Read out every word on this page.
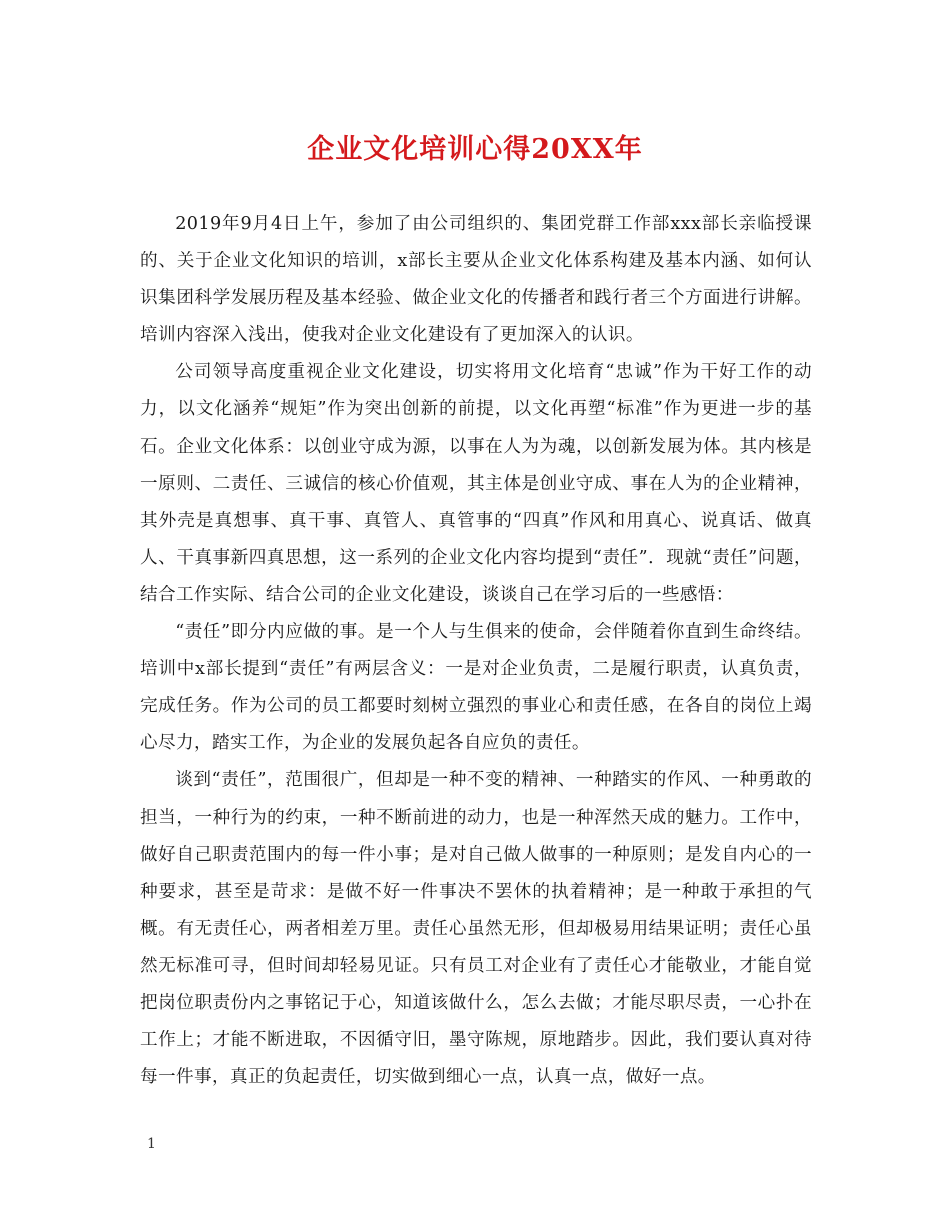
企业文化培训心得20XX年

2019年9月4日上午，参加了由公司组织的、集团党群工作部xxx部长亲临授课的、关于企业文化知识的培训，x部长主要从企业文化体系构建及基本内涵、如何认识集团科学发展历程及基本经验、做企业文化的传播者和践行者三个方面进行讲解。培训内容深入浅出，使我对企业文化建设有了更加深入的认识。

公司领导高度重视企业文化建设，切实将用文化培育“忠诚”作为干好工作的动力，以文化涵养“规矩”作为突出创新的前提，以文化再塑“标准”作为更进一步的基石。企业文化体系：以创业守成为源，以事在人为为魂，以创新发展为体。其内核是一原则、二责任、三诚信的核心价值观，其主体是创业守成、事在人为的企业精神，其外壳是真想事、真干事、真管人、真管事的“四真”作风和用真心、说真话、做真人、干真事新四真思想，这一系列的企业文化内容均提到“责任”．现就“责任”问题，结合工作实际、结合公司的企业文化建设，谈谈自己在学习后的一些感悟：

“责任”即分内应做的事。是一个人与生俱来的使命，会伴随着你直到生命终结。培训中x部长提到“责任”有两层含义：一是对企业负责，二是履行职责，认真负责，完成任务。作为公司的员工都要时刻树立强烈的事业心和责任感，在各自的岗位上竭心尽力，踏实工作，为企业的发展负起各自应负的责任。

谈到“责任”，范围很广，但却是一种不变的精神、一种踏实的作风、一种勇敢的担当，一种行为的约束，一种不断前进的动力，也是一种浑然天成的魅力。工作中，做好自己职责范围内的每一件小事；是对自己做人做事的一种原则；是发自内心的一种要求，甚至是苛求：是做不好一件事决不罢休的执着精神；是一种敢于承担的气概。有无责任心，两者相差万里。责任心虽然无形，但却极易用结果证明；责任心虽然无标准可寻，但时间却轻易见证。只有员工对企业有了责任心才能敬业，才能自觉把岗位职责份内之事铭记于心，知道该做什么，怎么去做；才能尽职尽责，一心扑在工作上；才能不断进取，不因循守旧，墨守陈规，原地踏步。因此，我们要认真对待每一件事，真正的负起责任，切实做到细心一点，认真一点，做好一点。

1
